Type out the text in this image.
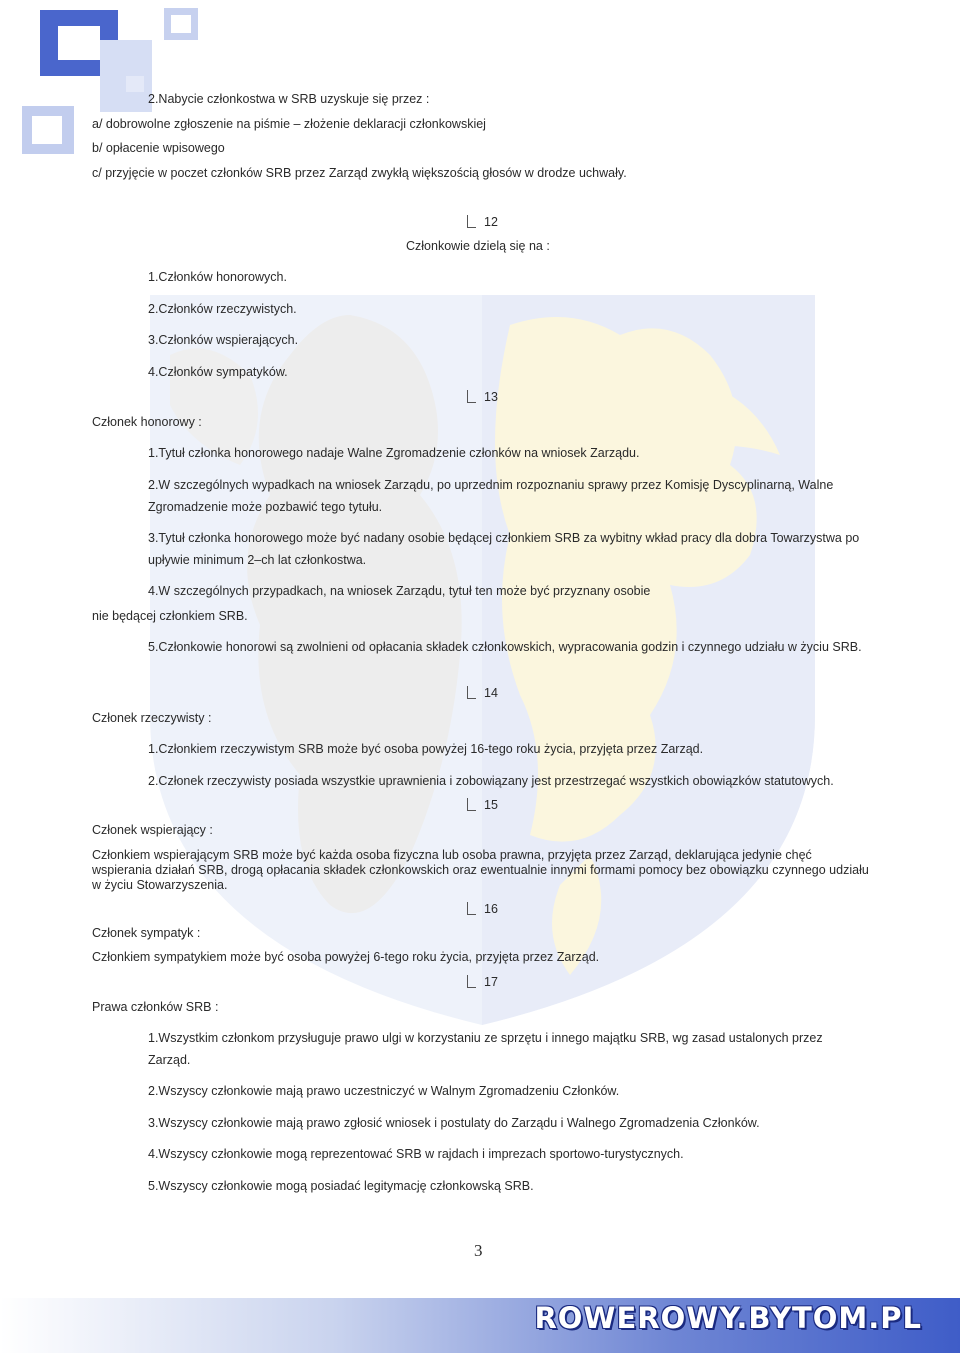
2.Nabycie członkostwa w SRB uzyskuje się przez :
a/ dobrowolne zgłoszenie na piśmie – złożenie deklaracji członkowskiej
b/ opłacenie wpisowego
c/ przyjęcie w poczet członków SRB przez Zarząd zwykłą większością głosów w drodze uchwały.
12
Członkowie dzielą się na :
1.Członków honorowych.
2.Członków rzeczywistych.
3.Członków wspierających.
4.Członków sympatyków.
13
Członek honorowy :
1.Tytuł członka honorowego nadaje Walne Zgromadzenie członków na wniosek Zarządu.
2.W szczególnych wypadkach na wniosek Zarządu, po uprzednim rozpoznaniu sprawy przez Komisję Dyscyplinarną, Walne Zgromadzenie może pozbawić tego tytułu.
3.Tytuł członka honorowego może być nadany osobie będącej członkiem SRB za wybitny wkład pracy dla dobra Towarzystwa po upływie minimum 2–ch lat członkostwa.
4.W szczególnych przypadkach, na wniosek Zarządu, tytuł ten może być przyznany osobie
nie będącej członkiem SRB.
5.Członkowie honorowi są zwolnieni od opłacania składek członkowskich, wypracowania godzin i czynnego udziału w życiu SRB.
14
Członek rzeczywisty :
1.Członkiem rzeczywistym SRB może być osoba powyżej 16-tego roku życia, przyjęta przez Zarząd.
2.Członek rzeczywisty posiada wszystkie uprawnienia i zobowiązany jest przestrzegać wszystkich obowiązków statutowych.
15
Członek wspierający :
Członkiem wspierającym SRB może być każda osoba fizyczna lub osoba prawna, przyjęta przez Zarząd, deklarująca jedynie chęć wspierania działań SRB, drogą opłacania składek członkowskich oraz ewentualnie innymi formami pomocy bez obowiązku czynnego udziału w życiu Stowarzyszenia.
16
Członek sympatyk :
Członkiem sympatykiem może być osoba powyżej 6-tego roku życia, przyjęta przez Zarząd.
17
Prawa członków SRB :
1.Wszystkim członkom przysługuje prawo ulgi w korzystaniu ze sprzętu i innego majątku SRB, wg zasad ustalonych przez Zarząd.
2.Wszyscy członkowie mają prawo uczestniczyć w Walnym Zgromadzeniu Członków.
3.Wszyscy członkowie mają prawo zgłosić wniosek i postulaty do Zarządu i Walnego Zgromadzenia Członków.
4.Wszyscy członkowie mogą reprezentować SRB w rajdach i imprezach sportowo-turystycznych.
5.Wszyscy członkowie mogą posiadać legitymację członkowską SRB.
3
ROWEROWY.BYTOM.PL
